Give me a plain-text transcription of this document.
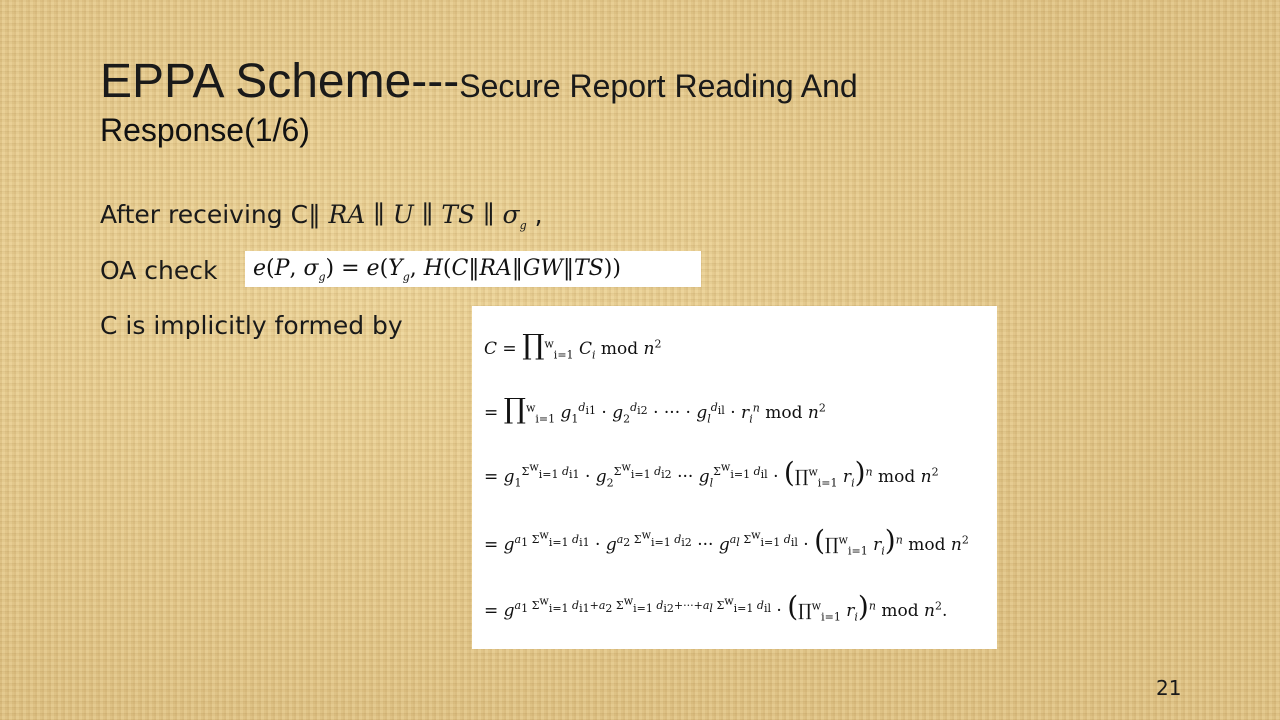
EPPA Scheme---Secure Report Reading And
Response(1/6)
After receiving C∥ RA ∥ U ∥ TS ∥ $\sigma_g$ ,
OA check
C is implicitly formed by
e(P, $\sigma_g) = e(Y_g$, H(C‖RA‖GW‖TS))
C = ∏$^w_{i=1}$ $C_i$ mod $n^2$
= ∏$^w_{i=1}$ $g_1^{d_{i1}} \cdot g_2^{d_{i2}}$ · ··· · $g_l^{d_{il}} \cdot r_i^n$ mod $n^2$
= $g_1^{\Sigma^w_{i=1} d_{i1}} \cdot g_2^{\Sigma^w_{i=1} d_{i2}}$ ··· $g_l^{\Sigma^w_{i=1} d_{il}}$ · (∏$^w_{i=1}$ $r_i)^n$ mod $n^2$
= $g^{a_1 \Sigma^w_{i=1} d_{i1}} \cdot g^{a_2 \Sigma^w_{i=1} d_{i2}}$ ··· $g^{a_l \Sigma^w_{i=1} d_{il}}$ · (∏$^w_{i=1}$ $r_i)^n$ mod $n^2$
= $g^{a_1 \Sigma^w_{i=1} d_{i1}+a_2 \Sigma^w_{i=1} d_{i2}+\cdot\cdot\cdot+a_l \Sigma^w_{i=1} d_{il}}$ · (∏$^w_{i=1}$ $r_i)^n$ mod $n^2$.
21
